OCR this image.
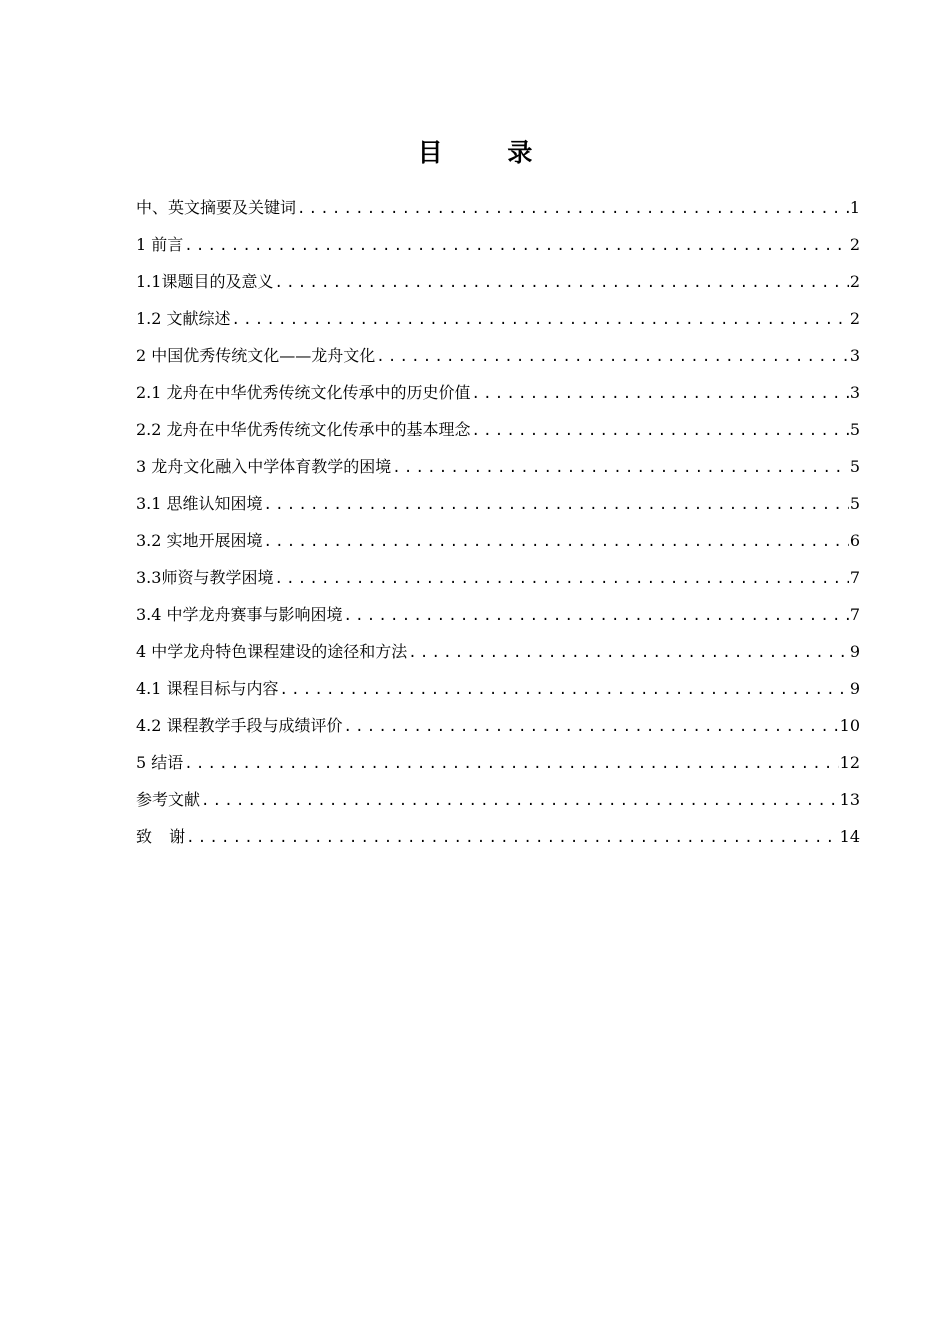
目 录
中、英文摘要及关键词 .....	1
1 前言 .....	2
1.1课题目的及意义 .....	2
1.2 文献综述 .....	2
2 中国优秀传统文化——龙舟文化 .....	3
2.1 龙舟在中华优秀传统文化传承中的历史价值 .....	3
2.2 龙舟在中华优秀传统文化传承中的基本理念 .....	5
3 龙舟文化融入中学体育教学的困境 .....	5
3.1 思维认知困境 .....	5
3.2 实地开展困境 .....	6
3.3师资与教学困境 .....	7
3.4 中学龙舟赛事与影响困境 .....	7
4 中学龙舟特色课程建设的途径和方法 .....	9
4.1 课程目标与内容 .....	9
4.2 课程教学手段与成绩评价 .....	10
5 结语 .....	12
参考文献 .....	13
致 谢 .....	14
